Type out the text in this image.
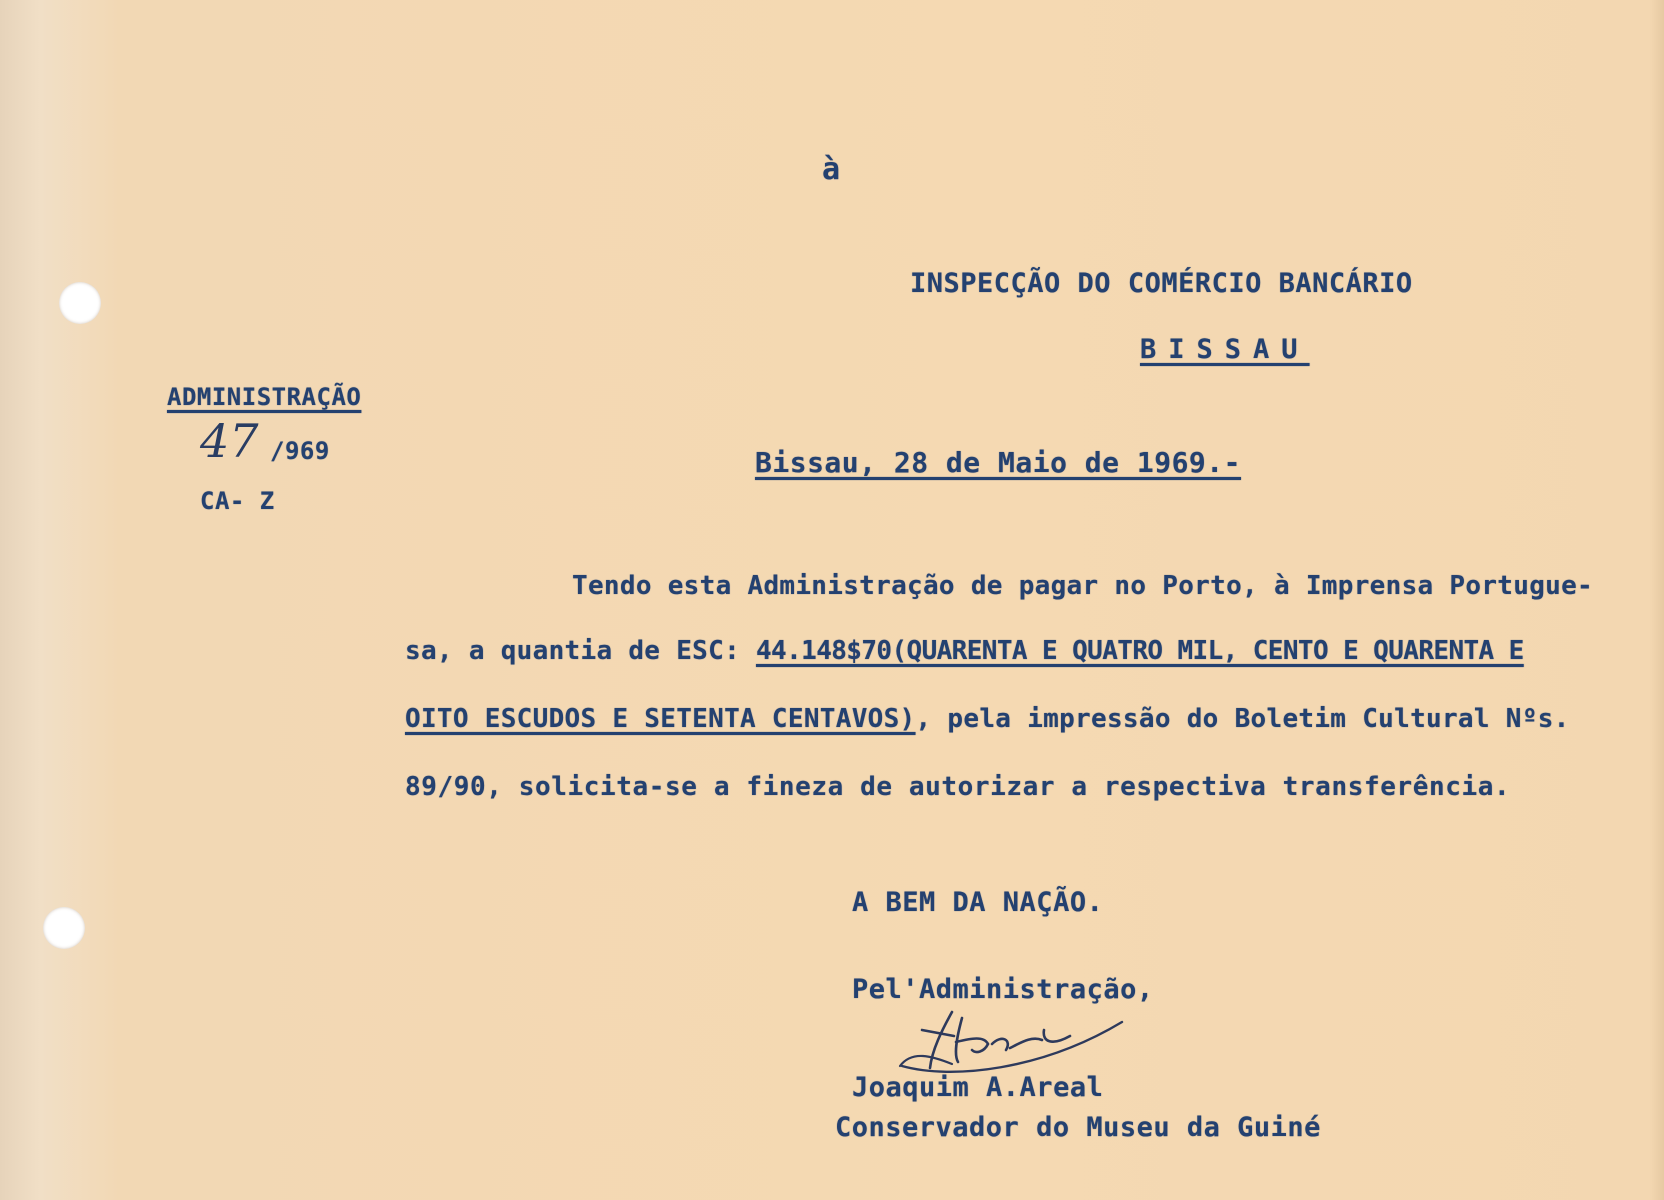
à
INSPECÇÃO DO COMÉRCIO BANCÁRIO
BISSAU
ADMINISTRAÇÃO
47 /969
CA- Z
Bissau, 28 de Maio de 1969.-
Tendo esta Administração de pagar no Porto, à Imprensa Portugue-
sa, a quantia de ESC: 44.148$70(QUARENTA E QUATRO MIL, CENTO E QUARENTA E
OITO ESCUDOS E SETENTA CENTAVOS), pela impressão do Boletim Cultural Nºs.
89/90, solicita-se a fineza de autorizar a respectiva transferência.
A BEM DA NAÇÃO.
Pel'Administração,
Joaquim A.Areal
Conservador do Museu da Guiné
